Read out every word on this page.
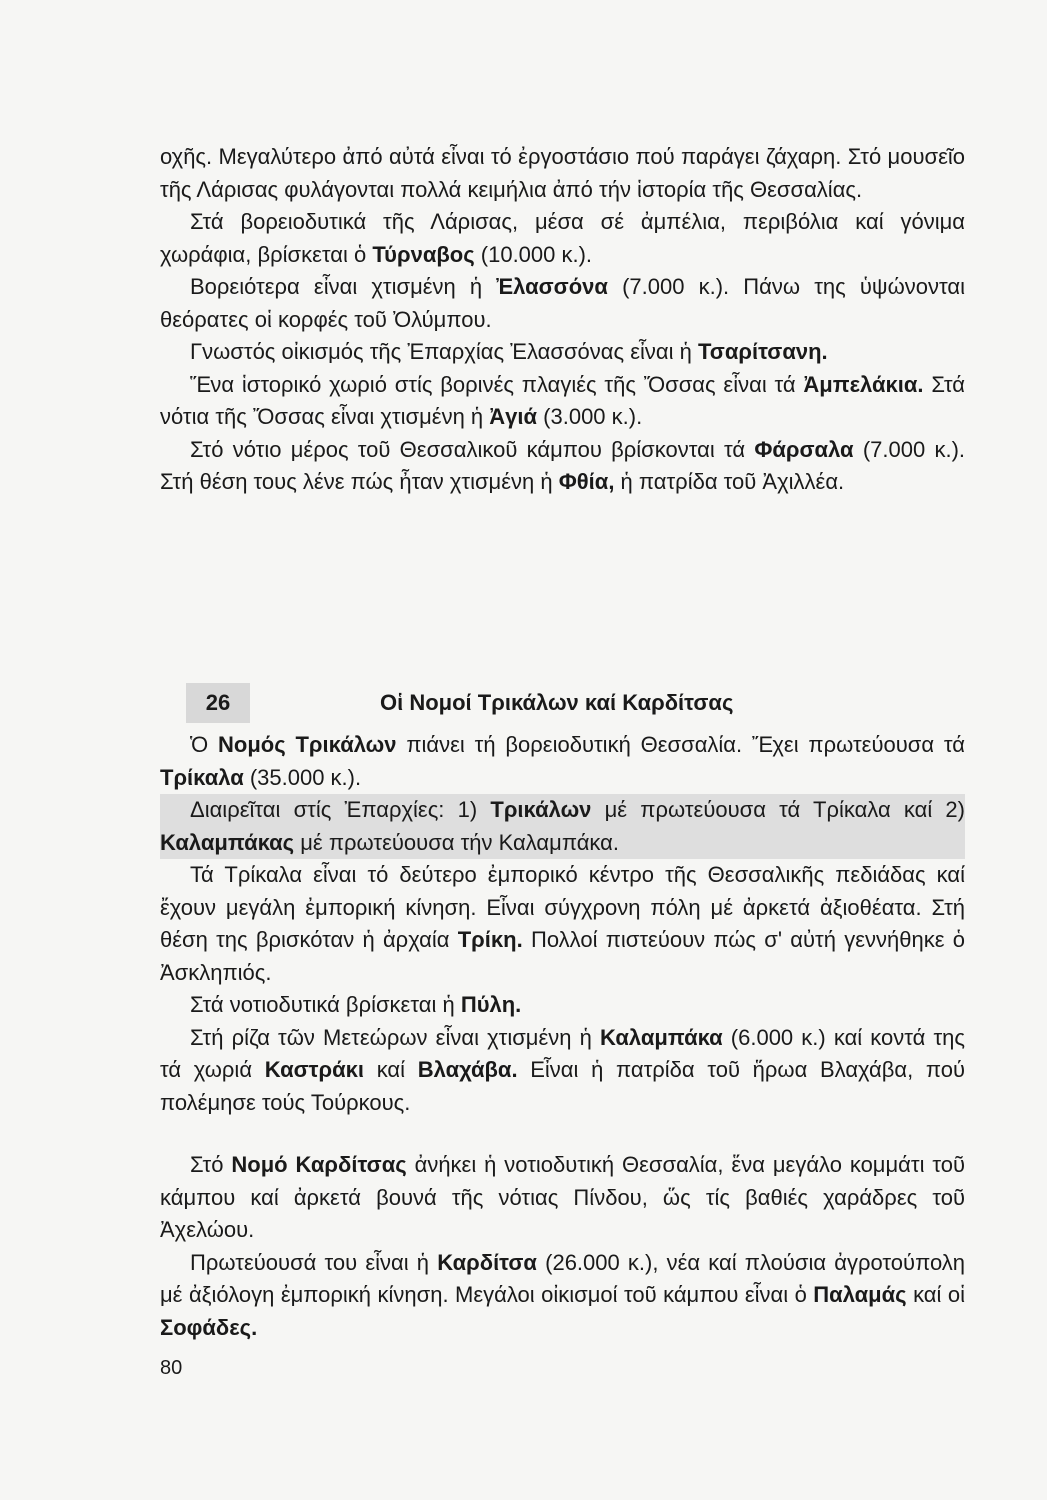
οχῆς. Μεγαλύτερο ἀπό αὐτά εἶναι τό ἐργοστάσιο πού παράγει ζάχαρη. Στό μουσεῖο τῆς Λάρισας φυλάγονται πολλά κειμήλια ἀπό τήν ἱστορία τῆς Θεσσαλίας.

Στά βορειοδυτικά τῆς Λάρισας, μέσα σέ ἀμπέλια, περιβόλια καί γόνιμα χωράφια, βρίσκεται ὁ Τύρναβος (10.000 κ.).

Βορειότερα εἶναι χτισμένη ἡ Ἐλασσόνα (7.000 κ.). Πάνω της ὑψώνονται θεόρατες οἱ κορφές τοῦ Ὀλύμπου.

Γνωστός οἰκισμός τῆς Ἐπαρχίας Ἐλασσόνας εἶναι ἡ Τσαρίτσανη.

Ἕνα ἱστορικό χωριό στίς βορινές πλαγιές τῆς Ὄσσας εἶναι τά Ἀμπελάκια. Στά νότια τῆς Ὄσσας εἶναι χτισμένη ἡ Ἀγιά (3.000 κ.).

Στό νότιο μέρος τοῦ Θεσσαλικοῦ κάμπου βρίσκονται τά Φάρσαλα (7.000 κ.). Στή θέση τους λένε πώς ἦταν χτισμένη ἡ Φθία, ἡ πατρίδα τοῦ Ἀχιλλέα.

26	Οἱ Νομοί Τρικάλων καί Καρδίτσας

Ὁ Νομός Τρικάλων πιάνει τή βορειοδυτική Θεσσαλία. Ἔχει πρωτεύουσα τά Τρίκαλα (35.000 κ.).

Διαιρεῖται στίς Ἐπαρχίες: 1) Τρικάλων μέ πρωτεύουσα τά Τρίκαλα καί 2) Καλαμπάκας μέ πρωτεύουσα τήν Καλαμπάκα.

Τά Τρίκαλα εἶναι τό δεύτερο ἐμπορικό κέντρο τῆς Θεσσαλικῆς πεδιάδας καί ἔχουν μεγάλη ἐμπορική κίνηση. Εἶναι σύγχρονη πόλη μέ ἀρκετά ἀξιοθέατα. Στή θέση της βρισκόταν ἡ ἀρχαία Τρίκη. Πολλοί πιστεύουν πώς σ' αὐτή γεννήθηκε ὁ Ἀσκληπιός.

Στά νοτιοδυτικά βρίσκεται ἡ Πύλη.

Στή ρίζα τῶν Μετεώρων εἶναι χτισμένη ἡ Καλαμπάκα (6.000 κ.) καί κοντά της τά χωριά Καστράκι καί Βλαχάβα. Εἶναι ἡ πατρίδα τοῦ ἥρωα Βλαχάβα, πού πολέμησε τούς Τούρκους.

Στό Νομό Καρδίτσας ἀνήκει ἡ νοτιοδυτική Θεσσαλία, ἕνα μεγάλο κομμάτι τοῦ κάμπου καί ἀρκετά βουνά τῆς νότιας Πίνδου, ὥς τίς βαθιές χαράδρες τοῦ Ἀχελώου.

Πρωτεύουσά του εἶναι ἡ Καρδίτσα (26.000 κ.), νέα καί πλούσια ἀγροτούπολη μέ ἀξιόλογη ἐμπορική κίνηση. Μεγάλοι οἰκισμοί τοῦ κάμπου εἶναι ὁ Παλαμάς καί οἱ Σοφάδες.

80
